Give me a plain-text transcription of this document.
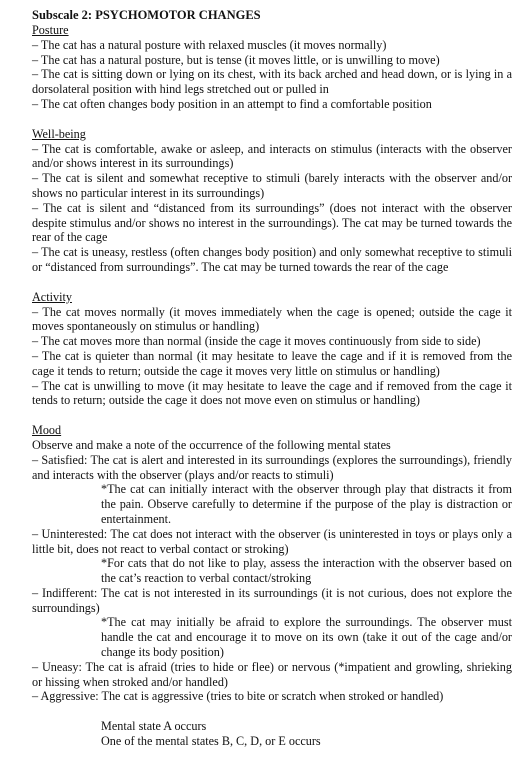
Subscale 2: PSYCHOMOTOR CHANGES
Posture
– The cat has a natural posture with relaxed muscles (it moves normally)
– The cat has a natural posture, but is tense (it moves little, or is unwilling to move)
– The cat is sitting down or lying on its chest, with its back arched and head down, or is lying in a dorsolateral position with hind legs stretched out or pulled in
– The cat often changes body position in an attempt to find a comfortable position
Well-being
– The cat is comfortable, awake or asleep, and interacts on stimulus (interacts with the observer and/or shows interest in its surroundings)
– The cat is silent and somewhat receptive to stimuli (barely interacts with the observer and/or shows no particular interest in its surroundings)
– The cat is silent and “distanced from its surroundings” (does not interact with the observer despite stimulus and/or shows no interest in the surroundings). The cat may be turned towards the rear of the cage
– The cat is uneasy, restless (often changes body position) and only somewhat receptive to stimuli or “distanced from surroundings”. The cat may be turned towards the rear of the cage
Activity
– The cat moves normally (it moves immediately when the cage is opened; outside the cage it moves spontaneously on stimulus or handling)
– The cat moves more than normal (inside the cage it moves continuously from side to side)
– The cat is quieter than normal (it may hesitate to leave the cage and if it is removed from the cage it tends to return; outside the cage it moves very little on stimulus or handling)
– The cat is unwilling to move (it may hesitate to leave the cage and if removed from the cage it tends to return; outside the cage it does not move even on stimulus or handling)
Mood
Observe and make a note of the occurrence of the following mental states
– Satisfied: The cat is alert and interested in its surroundings (explores the surroundings), friendly and interacts with the observer (plays and/or reacts to stimuli)
*The cat can initially interact with the observer through play that distracts it from the pain. Observe carefully to determine if the purpose of the play is distraction or entertainment.
– Uninterested: The cat does not interact with the observer (is uninterested in toys or plays only a little bit, does not react to verbal contact or stroking)
*For cats that do not like to play, assess the interaction with the observer based on the cat’s reaction to verbal contact/stroking
– Indifferent: The cat is not interested in its surroundings (it is not curious, does not explore the surroundings)
*The cat may initially be afraid to explore the surroundings. The observer must handle the cat and encourage it to move on its own (take it out of the cage and/or change its body position)
– Uneasy: The cat is afraid (tries to hide or flee) or nervous (*impatient and growling, shrieking or hissing when stroked and/or handled)
– Aggressive: The cat is aggressive (tries to bite or scratch when stroked or handled)
Mental state A occurs
One of the mental states B, C, D, or E occurs
